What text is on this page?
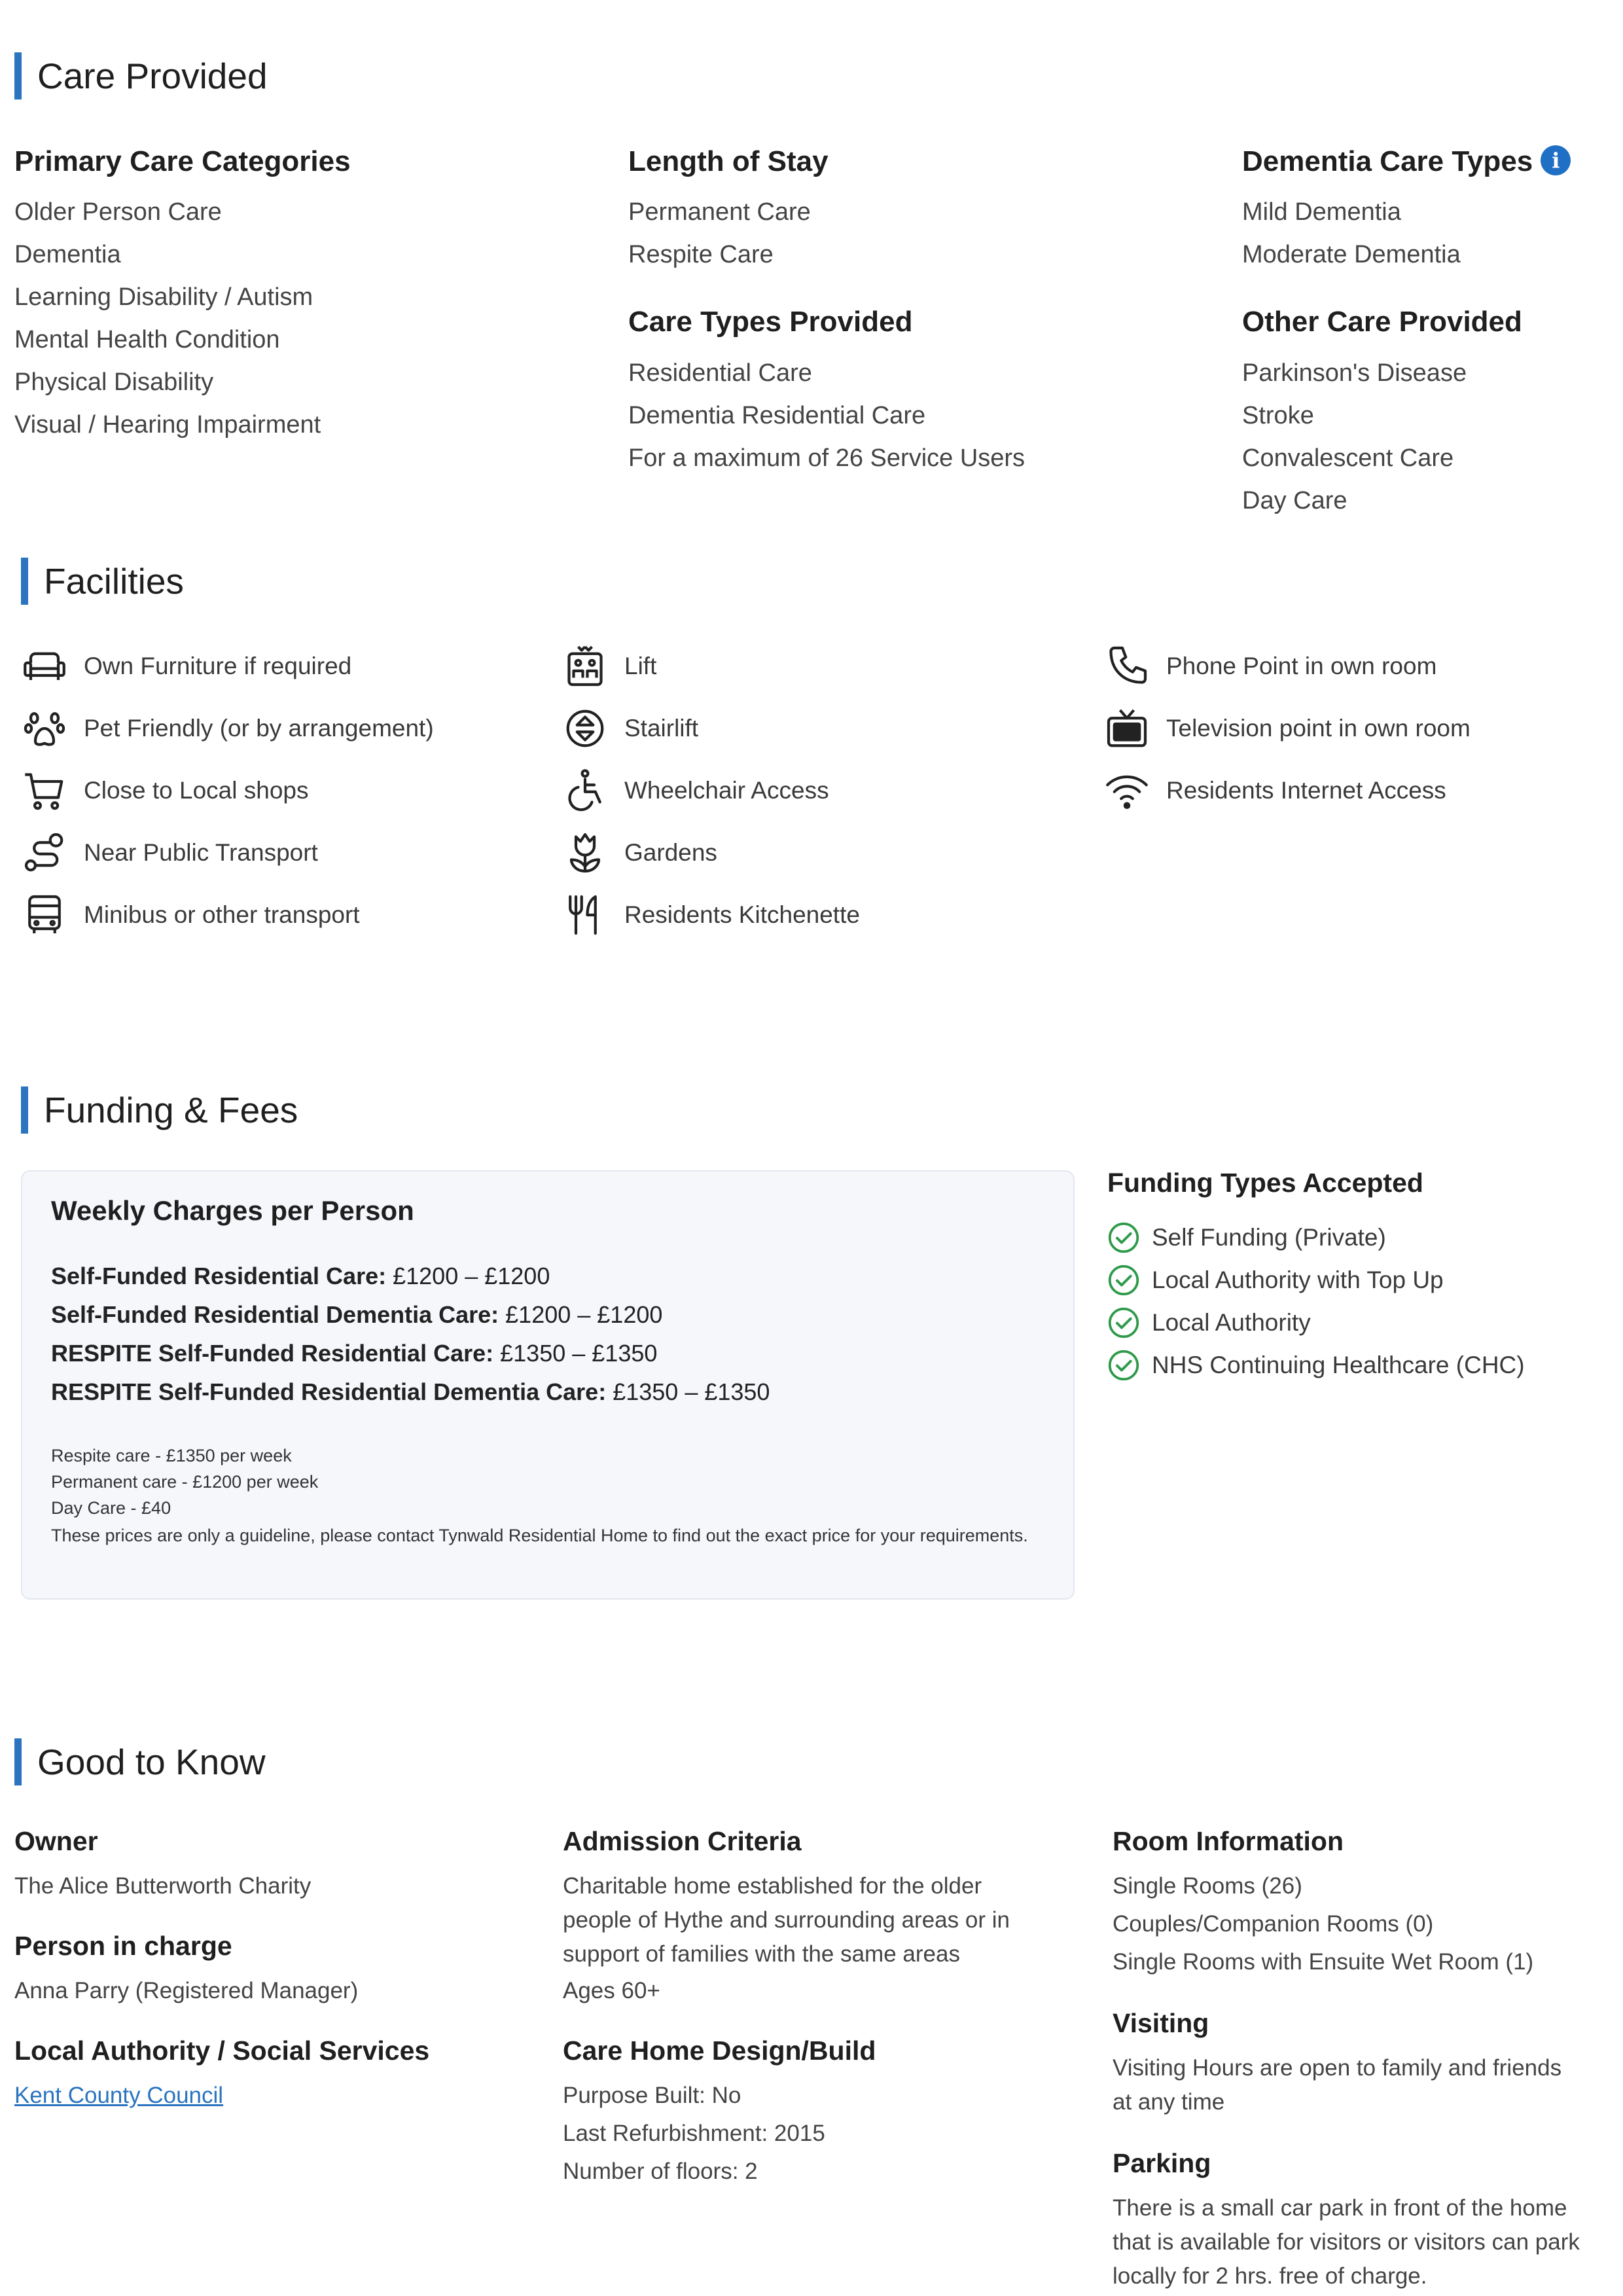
Care Provided
Primary Care Categories
Older Person Care
Dementia
Learning Disability / Autism
Mental Health Condition
Physical Disability
Visual / Hearing Impairment
Length of Stay
Permanent Care
Respite Care
Care Types Provided
Residential Care
Dementia Residential Care
For a maximum of 26 Service Users
Dementia Care Types i
Mild Dementia
Moderate Dementia
Other Care Provided
Parkinson's Disease
Stroke
Convalescent Care
Day Care
Facilities
Own Furniture if required
Pet Friendly (or by arrangement)
Close to Local shops
Near Public Transport
Minibus or other transport
Lift
Stairlift
Wheelchair Access
Gardens
Residents Kitchenette
Phone Point in own room
Television point in own room
Residents Internet Access
Funding & Fees
Weekly Charges per Person
Self-Funded Residential Care: £1200 – £1200
Self-Funded Residential Dementia Care: £1200 – £1200
RESPITE Self-Funded Residential Care: £1350 – £1350
RESPITE Self-Funded Residential Dementia Care: £1350 – £1350
Respite care - £1350 per week
Permanent care - £1200 per week
Day Care - £40
These prices are only a guideline, please contact Tynwald Residential Home to find out the exact price for your requirements.
Funding Types Accepted
Self Funding (Private)
Local Authority with Top Up
Local Authority
NHS Continuing Healthcare (CHC)
Good to Know
Owner
The Alice Butterworth Charity
Person in charge
Anna Parry (Registered Manager)
Local Authority / Social Services
Kent County Council
Admission Criteria
Charitable home established for the older people of Hythe and surrounding areas or in support of families with the same areas
Ages 60+
Care Home Design/Build
Purpose Built: No
Last Refurbishment: 2015
Number of floors: 2
Room Information
Single Rooms (26)
Couples/Companion Rooms (0)
Single Rooms with Ensuite Wet Room (1)
Visiting
Visiting Hours are open to family and friends at any time
Parking
There is a small car park in front of the home that is available for visitors or visitors can park locally for 2 hrs. free of charge.
